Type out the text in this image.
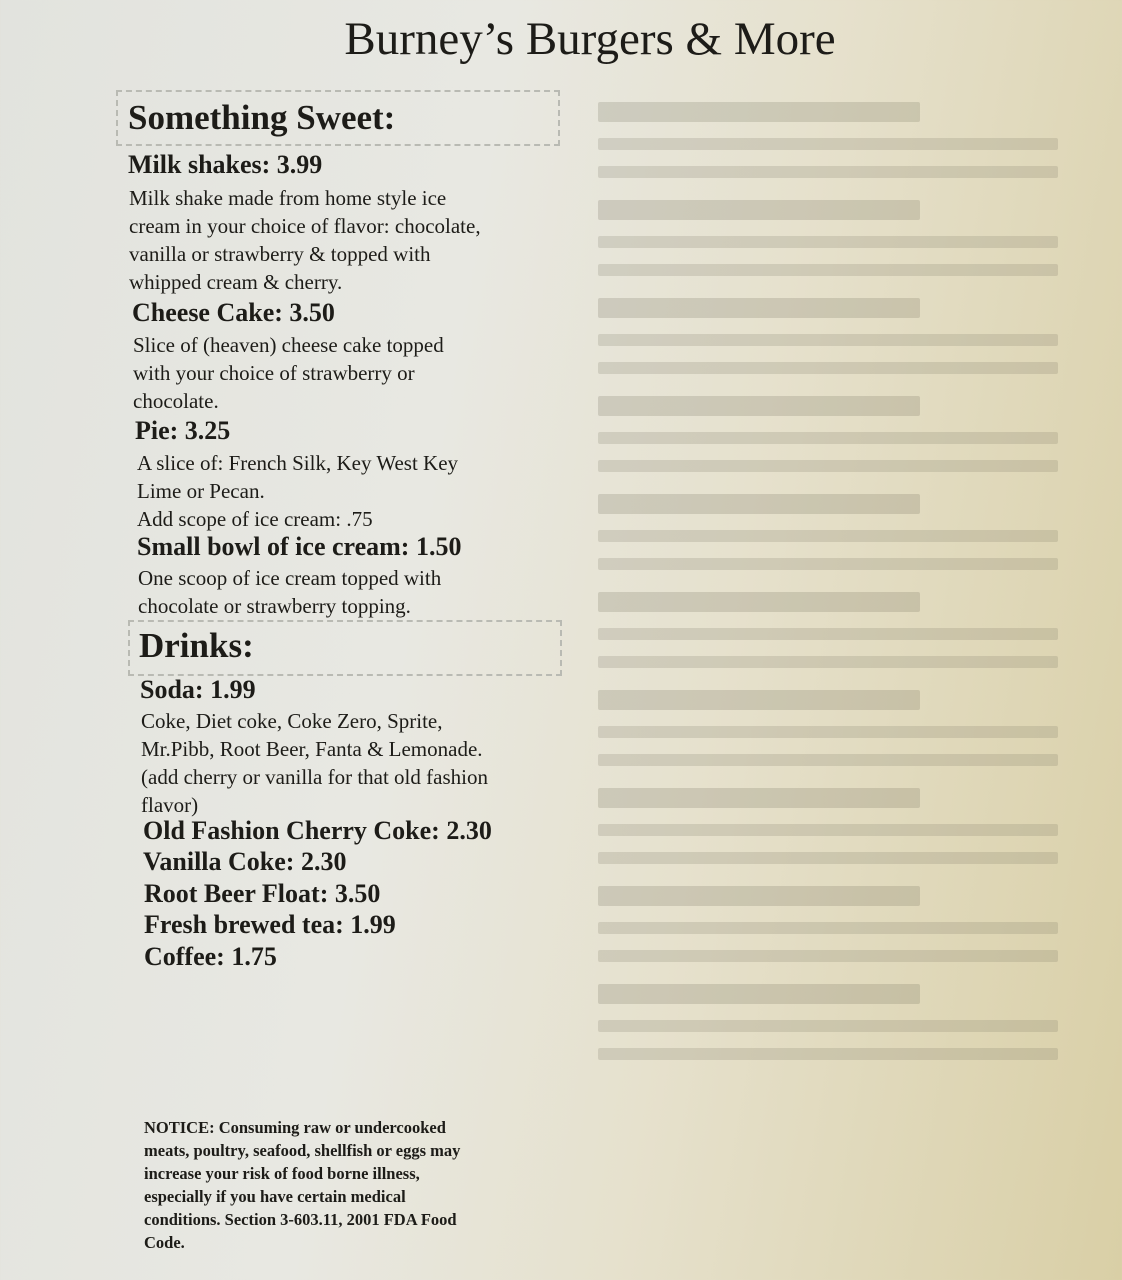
Burney’s Burgers & More
Something Sweet:
Milk shakes: 3.99
Milk shake made from home style ice
cream in your choice of flavor: chocolate,
vanilla or strawberry & topped with
whipped cream & cherry.
Cheese Cake: 3.50
Slice of (heaven) cheese cake topped
with your choice of strawberry or
chocolate.
Pie: 3.25
A slice of: French Silk, Key West Key
Lime or Pecan.
Add scope of ice cream: .75
Small bowl of ice cream: 1.50
One scoop of ice cream topped with
chocolate or strawberry topping.
Drinks:
Soda: 1.99
Coke, Diet coke, Coke Zero, Sprite,
Mr.Pibb, Root Beer, Fanta & Lemonade.
(add cherry or vanilla for that old fashion
flavor)
Old Fashion Cherry Coke: 2.30
Vanilla Coke: 2.30
Root Beer Float: 3.50
Fresh brewed tea: 1.99
Coffee: 1.75
NOTICE: Consuming raw or undercooked
meats, poultry, seafood, shellfish or eggs may
increase your risk of food borne illness,
especially if you have certain medical
conditions. Section 3-603.11, 2001 FDA Food
Code.
